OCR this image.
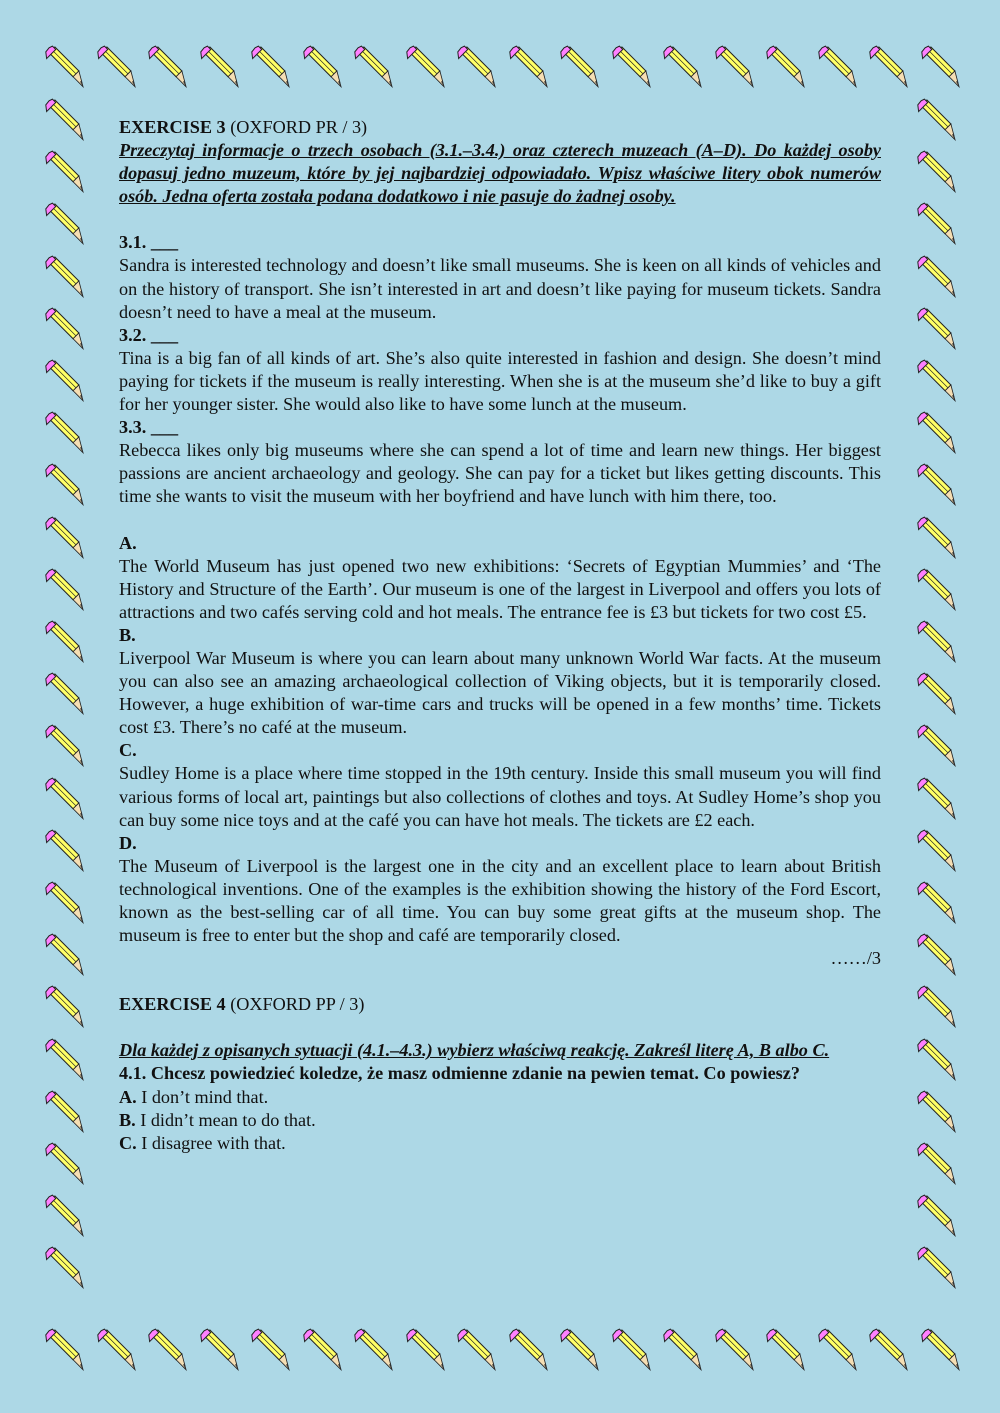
EXERCISE 3 (OXFORD PR / 3)

Przeczytaj informacje o trzech osobach (3.1.–3.4.) oraz czterech muzeach (A–D). Do każdej osoby dopasuj jedno muzeum, które by jej najbardziej odpowiadało. Wpisz właściwe litery obok numerów osób. Jedna oferta została podana dodatkowo i nie pasuje do żadnej osoby.

3.1. ___

Sandra is interested technology and doesn’t like small museums. She is keen on all kinds of vehicles and on the history of transport. She isn’t interested in art and doesn’t like paying for museum tickets. Sandra doesn’t need to have a meal at the museum.

3.2. ___

Tina is a big fan of all kinds of art. She’s also quite interested in fashion and design. She doesn’t mind paying for tickets if the museum is really interesting. When she is at the museum she’d like to buy a gift for her younger sister. She would also like to have some lunch at the museum.

3.3. ___

Rebecca likes only big museums where she can spend a lot of time and learn new things. Her biggest passions are ancient archaeology and geology. She can pay for a ticket but likes getting discounts. This time she wants to visit the museum with her boyfriend and have lunch with him there, too.

A.

The World Museum has just opened two new exhibitions: ‘Secrets of Egyptian Mummies’ and ‘The History and Structure of the Earth’. Our museum is one of the largest in Liverpool and offers you lots of attractions and two cafés serving cold and hot meals. The entrance fee is £3 but tickets for two cost £5.

B.

Liverpool War Museum is where you can learn about many unknown World War facts. At the museum you can also see an amazing archaeological collection of Viking objects, but it is temporarily closed. However, a huge exhibition of war-time cars and trucks will be opened in a few months’ time. Tickets cost £3. There’s no café at the museum.

C.

Sudley Home is a place where time stopped in the 19th century. Inside this small museum you will find various forms of local art, paintings but also collections of clothes and toys. At Sudley Home’s shop you can buy some nice toys and at the café you can have hot meals. The tickets are £2 each.

D.

The Museum of Liverpool is the largest one in the city and an excellent place to learn about British technological inventions. One of the examples is the exhibition showing the history of the Ford Escort, known as the best-selling car of all time. You can buy some great gifts at the museum shop. The museum is free to enter but the shop and café are temporarily closed.

……/3

EXERCISE 4 (OXFORD PP / 3)

Dla każdej z opisanych sytuacji (4.1.–4.3.) wybierz właściwą reakcję. Zakreśl literę A, B albo C.

4.1. Chcesz powiedzieć koledze, że masz odmienne zdanie na pewien temat. Co powiesz?

A. I don’t mind that.

B. I didn’t mean to do that.

C. I disagree with that.
